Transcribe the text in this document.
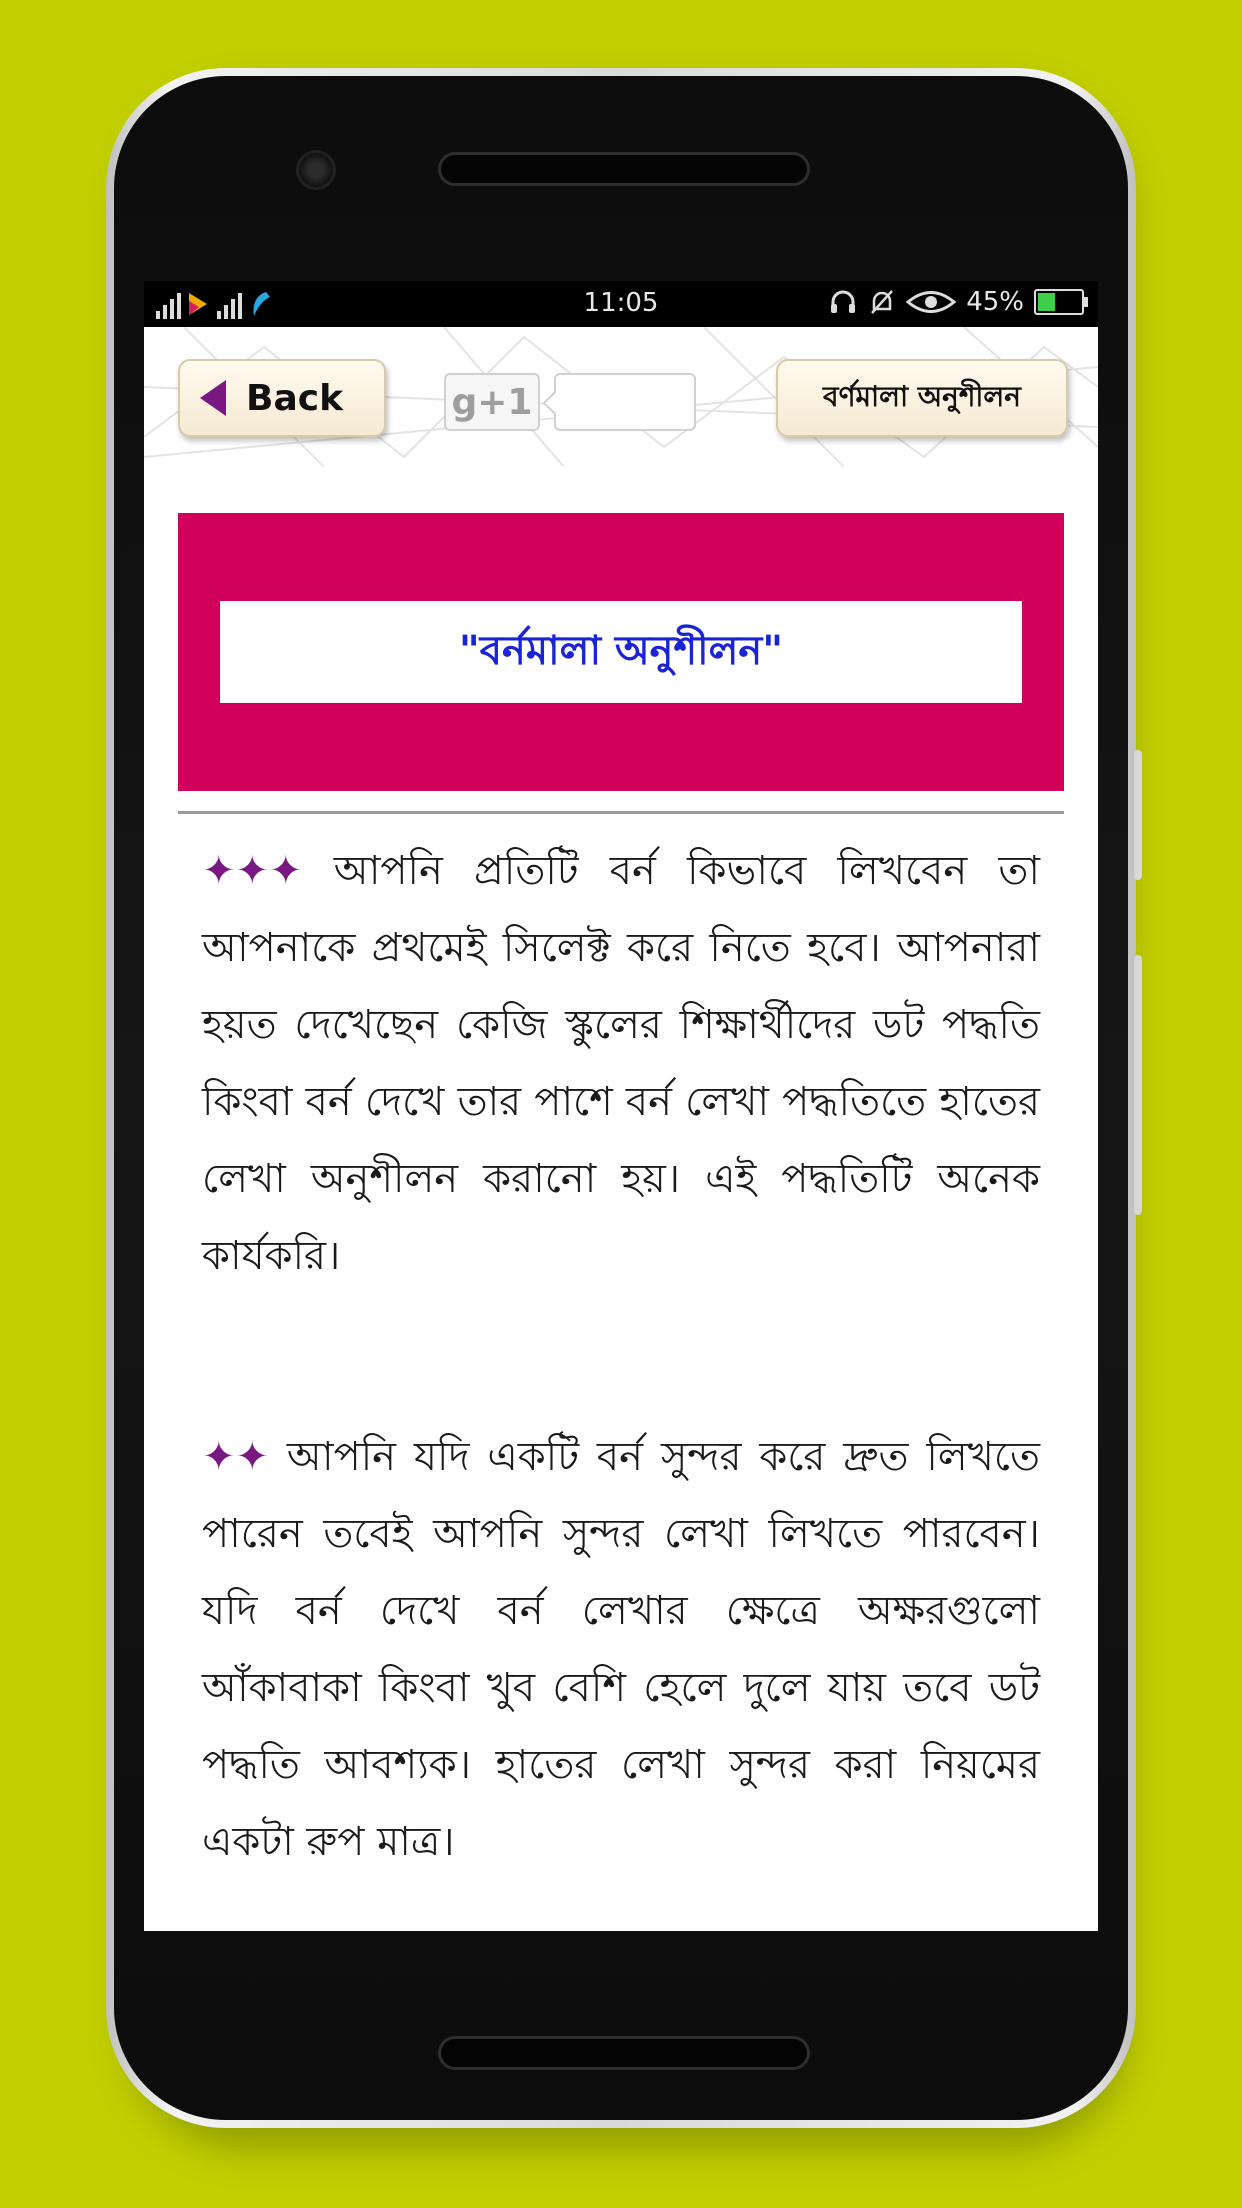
11:05	45%
Back	g+1	বর্ণমালা অনুশীলন
"বর্নমালা অনুশীলন"

✦✦✦ আপনি প্রতিটি বর্ন কিভাবে লিখবেন তা আপনাকে প্রথমেই সিলেক্ট করে নিতে হবে। আপনারা হয়ত দেখেছেন কেজি স্কুলের শিক্ষার্থীদের ডট পদ্ধতি কিংবা বর্ন দেখে তার পাশে বর্ন লেখা পদ্ধতিতে হাতের লেখা অনুশীলন করানো হয়। এই পদ্ধতিটি অনেক কার্যকরি।

✦✦ আপনি যদি একটি বর্ন সুন্দর করে দ্রুত লিখতে পারেন তবেই আপনি সুন্দর লেখা লিখতে পারবেন। যদি বর্ন দেখে বর্ন লেখার ক্ষেত্রে অক্ষরগুলো আঁকাবাকা কিংবা খুব বেশি হেলে দুলে যায় তবে ডট পদ্ধতি আবশ্যক। হাতের লেখা সুন্দর করা নিয়মের একটা রুপ মাত্র।
